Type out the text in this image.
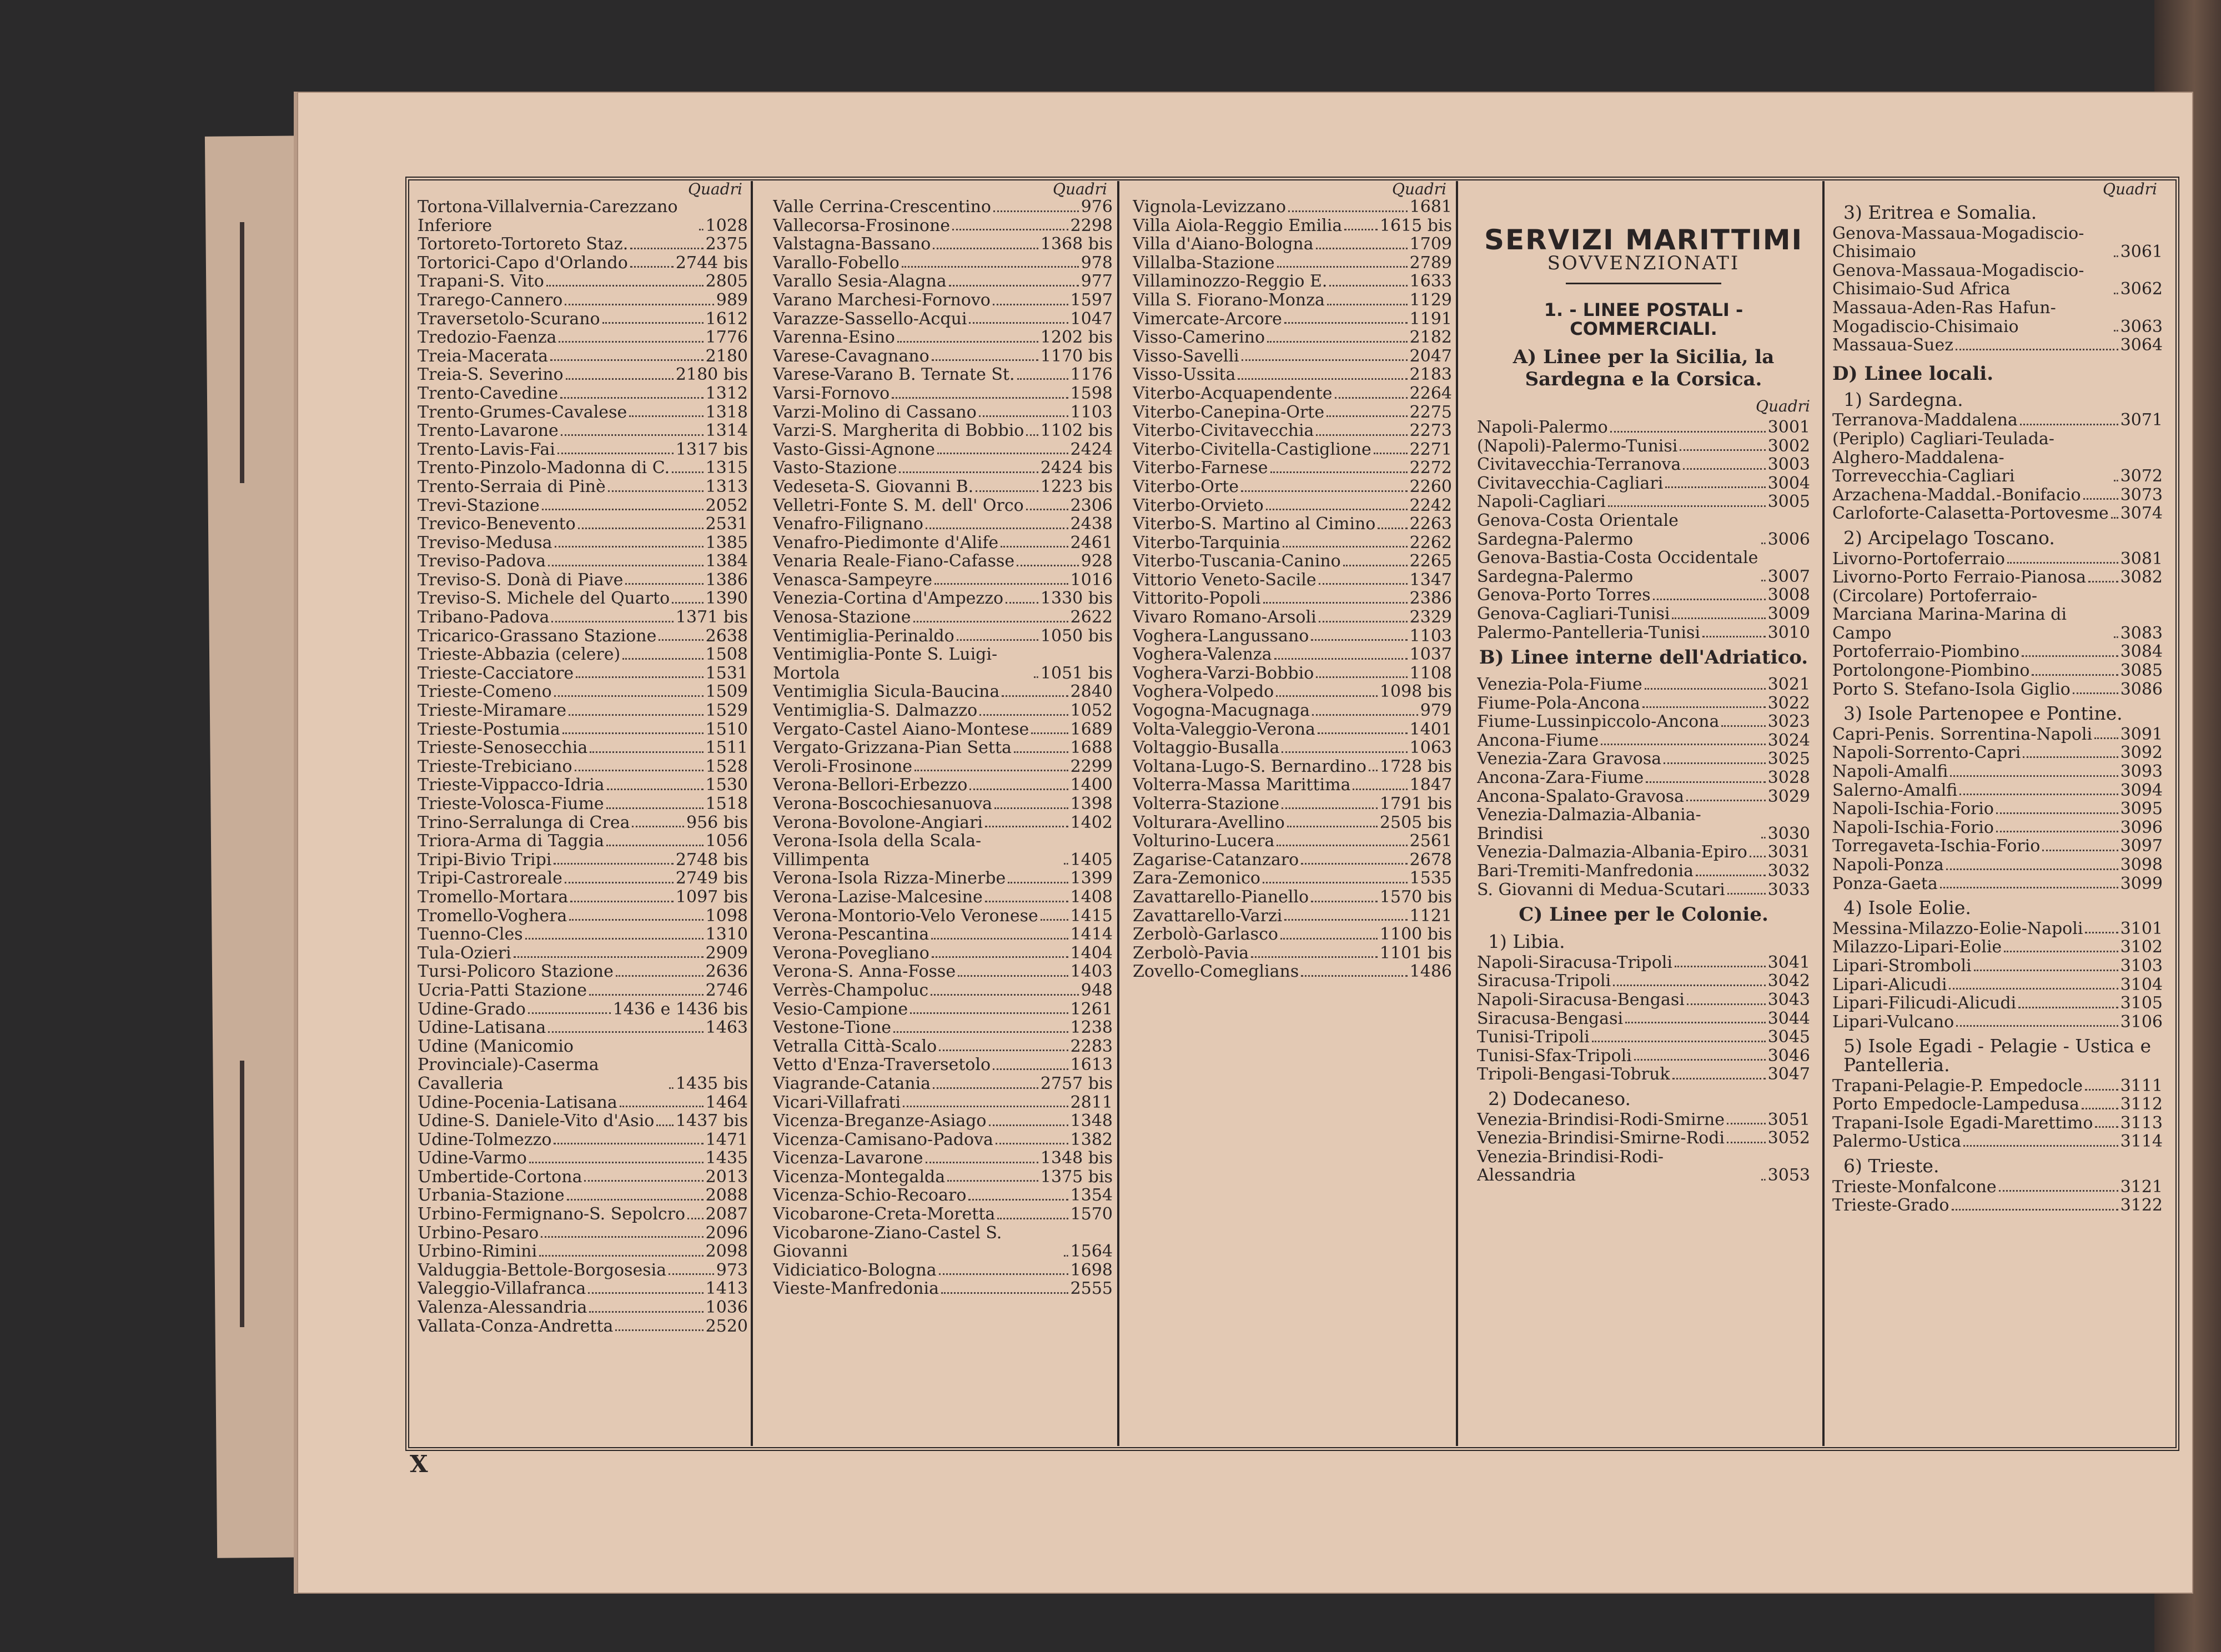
Quadri
Tortona-Villalvernia-Carezzano Inferiore	1028
Tortoreto-Tortoreto Staz.	2375
Tortorici-Capo d'Orlando	2744 bis
Trapani-S. Vito	2805
Trarego-Cannero	989
Traversetolo-Scurano	1612
Tredozio-Faenza	1776
Treia-Macerata	2180
Treia-S. Severino	2180 bis
Trento-Cavedine	1312
Trento-Grumes-Cavalese	1318
Trento-Lavarone	1314
Trento-Lavis-Fai	1317 bis
Trento-Pinzolo-Madonna di C. 1315
Trento-Serraia di Pinè	1313
Trevi-Stazione	2052
Trevico-Benevento	2531
Treviso-Medusa	1385
Treviso-Padova	1384
Treviso-S. Donà di Piave	1386
Treviso-S. Michele del Quarto 1390
Tribano-Padova	1371 bis
Tricarico-Grassano Stazione	2638
Trieste-Abbazia (celere)	1508
Trieste-Cacciatore	1531
Trieste-Comeno	1509
Trieste-Miramare	1529
Trieste-Postumia	1510
Trieste-Senosecchia	1511
Trieste-Trebiciano	1528
Trieste-Vippacco-Idria	1530
Trieste-Volosca-Fiume	1518
Trino-Serralunga di Crea	956 bis
Triora-Arma di Taggia	1056
Tripi-Bivio Tripi	2748 bis
Tripi-Castroreale	2749 bis
Tromello-Mortara	1097 bis
Tromello-Voghera	1098
Tuenno-Cles	1310
Tula-Ozieri	2909
Tursi-Policoro Stazione	2636
Ucria-Patti Stazione	2746
Udine-Grado	1436 e 1436 bis
Udine-Latisana	1463
Udine (Manicomio Provinciale)-Caserma Cavalleria	1435 bis
Udine-Pocenia-Latisana	1464
Udine-S. Daniele-Vito d'Asio 1437 bis
Udine-Tolmezzo	1471
Udine-Varmo	1435
Umbertide-Cortona	2013
Urbania-Stazione	2088
Urbino-Fermignano-S. Sepolcro 2087
Urbino-Pesaro	2096
Urbino-Rimini	2098
Valduggia-Bettole-Borgosesia	973
Valeggio-Villafranca	1413
Valenza-Alessandria	1036
Vallata-Conza-Andretta	2520
Quadri
Valle Cerrina-Crescentino	976
Vallecorsa-Frosinone	2298
Valstagna-Bassano	1368 bis
Varallo-Fobello	978
Varallo Sesia-Alagna	977
Varano Marchesi-Fornovo	1597
Varazze-Sassello-Acqui	1047
Varenna-Esino	1202 bis
Varese-Cavagnano	1170 bis
Varese-Varano B. Ternate St.	1176
Varsi-Fornovo	1598
Varzi-Molino di Cassano	1103
Varzi-S. Margherita di Bobbio 1102 bis
Vasto-Gissi-Agnone	2424
Vasto-Stazione	2424 bis
Vedeseta-S. Giovanni B.	1223 bis
Velletri-Fonte S. M. dell' Orco	2306
Venafro-Filignano	2438
Venafro-Piedimonte d'Alife	2461
Venaria Reale-Fiano-Cafasse	928
Venasca-Sampeyre	1016
Venezia-Cortina d'Ampezzo 1330 bis
Venosa-Stazione	2622
Ventimiglia-Perinaldo	1050 bis
Ventimiglia-Ponte S. Luigi-Mortola	1051 bis
Ventimiglia Sicula-Baucina	2840
Ventimiglia-S. Dalmazzo	1052
Vergato-Castel Aiano-Montese 1689
Vergato-Grizzana-Pian Setta	1688
Veroli-Frosinone	2299
Verona-Bellori-Erbezzo	1400
Verona-Boscochiesanuova	1398
Verona-Bovolone-Angiari	1402
Verona-Isola della Scala-Villimpenta	1405
Verona-Isola Rizza-Minerbe	1399
Verona-Lazise-Malcesine	1408
Verona-Montorio-Velo Veronese 1415
Verona-Pescantina	1414
Verona-Povegliano	1404
Verona-S. Anna-Fosse	1403
Verrès-Champoluc	948
Vesio-Campione	1261
Vestone-Tione	1238
Vetralla Città-Scalo	2283
Vetto d'Enza-Traversetolo	1613
Viagrande-Catania	2757 bis
Vicari-Villafrati	2811
Vicenza-Breganze-Asiago	1348
Vicenza-Camisano-Padova	1382
Vicenza-Lavarone	1348 bis
Vicenza-Montegalda	1375 bis
Vicenza-Schio-Recoaro	1354
Vicobarone-Creta-Moretta	1570
Vicobarone-Ziano-Castel S. Giovanni	1564
Vidiciatico-Bologna	1698
Vieste-Manfredonia	2555
Quadri
Vignola-Levizzano	1681
Villa Aiola-Reggio Emilia 1615 bis
Villa d'Aiano-Bologna	1709
Villalba-Stazione	2789
Villaminozzo-Reggio E.	1633
Villa S. Fiorano-Monza	1129
Vimercate-Arcore	1191
Visso-Camerino	2182
Visso-Savelli	2047
Visso-Ussita	2183
Viterbo-Acquapendente	2264
Viterbo-Canepina-Orte	2275
Viterbo-Civitavecchia	2273
Viterbo-Civitella-Castiglione 2271
Viterbo-Farnese	2272
Viterbo-Orte	2260
Viterbo-Orvieto	2242
Viterbo-S. Martino al Cimino 2263
Viterbo-Tarquinia	2262
Viterbo-Tuscania-Canino	2265
Vittorio Veneto-Sacile	1347
Vittorito-Popoli	2386
Vivaro Romano-Arsoli	2329
Voghera-Langussano	1103
Voghera-Valenza	1037
Voghera-Varzi-Bobbio	1108
Voghera-Volpedo	1098 bis
Vogogna-Macugnaga	979
Volta-Valeggio-Verona	1401
Voltaggio-Busalla	1063
Voltana-Lugo-S. Bernardino 1728 bis
Volterra-Massa Marittima	1847
Volterra-Stazione	1791 bis
Volturara-Avellino	2505 bis
Volturino-Lucera	2561
Zagarise-Catanzaro	2678
Zara-Zemonico	1535
Zavattarello-Pianello	1570 bis
Zavattarello-Varzi	1121
Zerbolò-Garlasco	1100 bis
Zerbolò-Pavia	1101 bis
Zovello-Comeglians	1486
SERVIZI MARITTIMI
SOVVENZIONATI
1. - LINEE POSTALI - COMMERCIALI.
A) Linee per la Sicilia, la Sardegna e la Corsica.
Quadri
Napoli-Palermo	3001
(Napoli)-Palermo-Tunisi	3002
Civitavecchia-Terranova	3003
Civitavecchia-Cagliari	3004
Napoli-Cagliari	3005
Genova-Costa Orientale Sardegna-Palermo	3006
Genova-Bastia-Costa Occidentale Sardegna-Palermo	3007
Genova-Porto Torres	3008
Genova-Cagliari-Tunisi	3009
Palermo-Pantelleria-Tunisi	3010
B) Linee interne dell'Adriatico.
Venezia-Pola-Fiume	3021
Fiume-Pola-Ancona	3022
Fiume-Lussinpiccolo-Ancona	3023
Ancona-Fiume	3024
Venezia-Zara Gravosa	3025
Ancona-Zara-Fiume	3028
Ancona-Spalato-Gravosa	3029
Venezia-Dalmazia-Albania-Brindisi	3030
Venezia-Dalmazia-Albania-Epiro 3031
Bari-Tremiti-Manfredonia	3032
S. Giovanni di Medua-Scutari	3033
C) Linee per le Colonie.
1) Libia.
Napoli-Siracusa-Tripoli	3041
Siracusa-Tripoli	3042
Napoli-Siracusa-Bengasi	3043
Siracusa-Bengasi	3044
Tunisi-Tripoli	3045
Tunisi-Sfax-Tripoli	3046
Tripoli-Bengasi-Tobruk	3047
2) Dodecaneso.
Venezia-Brindisi-Rodi-Smirne	3051
Venezia-Brindisi-Smirne-Rodi	3052
Venezia-Brindisi-Rodi-Alessandria	3053
Quadri
3) Eritrea e Somalia.
Genova-Massaua-Mogadiscio-Chisimaio	3061
Genova-Massaua-Mogadiscio-Chisimaio-Sud Africa	3062
Massaua-Aden-Ras Hafun-Mogadiscio-Chisimaio	3063
Massaua-Suez	3064
D) Linee locali.
1) Sardegna.
Terranova-Maddalena	3071
(Periplo) Cagliari-Teulada-Alghero-Maddalena-Torrevecchia-Cagliari	3072
Arzachena-Maddal.-Bonifacio 3073
Carloforte-Calasetta-Portovesme 3074
2) Arcipelago Toscano.
Livorno-Portoferraio	3081
Livorno-Porto Ferraio-Pianosa 3082
(Circolare) Portoferraio-Marciana Marina-Marina di Campo	3083
Portoferraio-Piombino	3084
Portolongone-Piombino	3085
Porto S. Stefano-Isola Giglio	3086
3) Isole Partenopee e Pontine.
Capri-Penis. Sorrentina-Napoli 3091
Napoli-Sorrento-Capri	3092
Napoli-Amalfi	3093
Salerno-Amalfi	3094
Napoli-Ischia-Forio	3095
Napoli-Ischia-Forio	3096
Torregaveta-Ischia-Forio	3097
Napoli-Ponza	3098
Ponza-Gaeta	3099
4) Isole Eolie.
Messina-Milazzo-Eolie-Napoli 3101
Milazzo-Lipari-Eolie	3102
Lipari-Stromboli	3103
Lipari-Alicudi	3104
Lipari-Filicudi-Alicudi	3105
Lipari-Vulcano	3106
5) Isole Egadi - Pelagie - Ustica e Pantelleria.
Trapani-Pelagie-P. Empedocle 3111
Porto Empedocle-Lampedusa 3112
Trapani-Isole Egadi-Marettimo 3113
Palermo-Ustica	3114
6) Trieste.
Trieste-Monfalcone	3121
Trieste-Grado	3122
X
